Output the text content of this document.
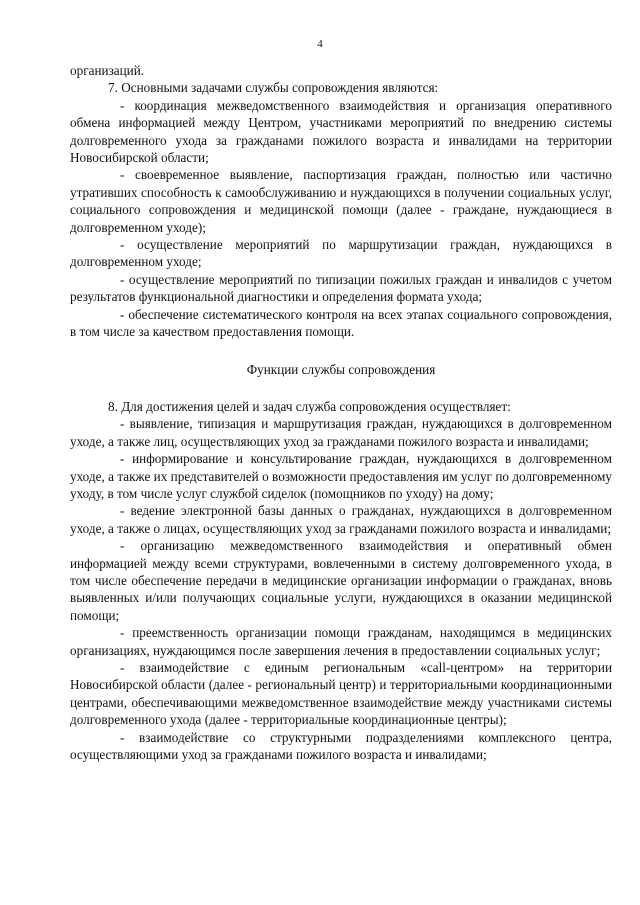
4

организаций.

7. Основными задачами службы сопровождения являются:

- координация межведомственного взаимодействия и организация оперативного обмена информацией между Центром, участниками мероприятий по внедрению системы долговременного ухода за гражданами пожилого возраста и инвалидами на территории Новосибирской области;

- своевременное выявление, паспортизация граждан, полностью или частично утративших способность к самообслуживанию и нуждающихся в получении социальных услуг, социального сопровождения и медицинской помощи (далее - граждане, нуждающиеся в долговременном уходе);

- осуществление мероприятий по маршрутизации граждан, нуждающихся в долговременном уходе;

- осуществление мероприятий по типизации пожилых граждан и инвалидов с учетом результатов функциональной диагностики и определения формата ухода;

- обеспечение систематического контроля на всех этапах социального сопровождения, в том числе за качеством предоставления помощи.

Функции службы сопровождения

8. Для достижения целей и задач служба сопровождения осуществляет:

- выявление, типизация и маршрутизация граждан, нуждающихся в долговременном уходе, а также лиц, осуществляющих уход за гражданами пожилого возраста и инвалидами;

- информирование и консультирование граждан, нуждающихся в долговременном уходе, а также их представителей о возможности предоставления им услуг по долговременному уходу, в том числе услуг службой сиделок (помощников по уходу) на дому;

- ведение электронной базы данных о гражданах, нуждающихся в долговременном уходе, а также о лицах, осуществляющих уход за гражданами пожилого возраста и инвалидами;

- организацию межведомственного взаимодействия и оперативный обмен информацией между всеми структурами, вовлеченными в систему долговременного ухода, в том числе обеспечение передачи в медицинские организации информации о гражданах, вновь выявленных и/или получающих социальные услуги, нуждающихся в оказании медицинской помощи;

- преемственность организации помощи гражданам, находящимся в медицинских организациях, нуждающимся после завершения лечения в предоставлении социальных услуг;

- взаимодействие с единым региональным «call-центром» на территории Новосибирской области (далее - региональный центр) и территориальными координационными центрами, обеспечивающими межведомственное взаимодействие между участниками системы долговременного ухода (далее - территориальные координационные центры);

- взаимодействие со структурными подразделениями комплексного центра, осуществляющими уход за гражданами пожилого возраста и инвалидами;
